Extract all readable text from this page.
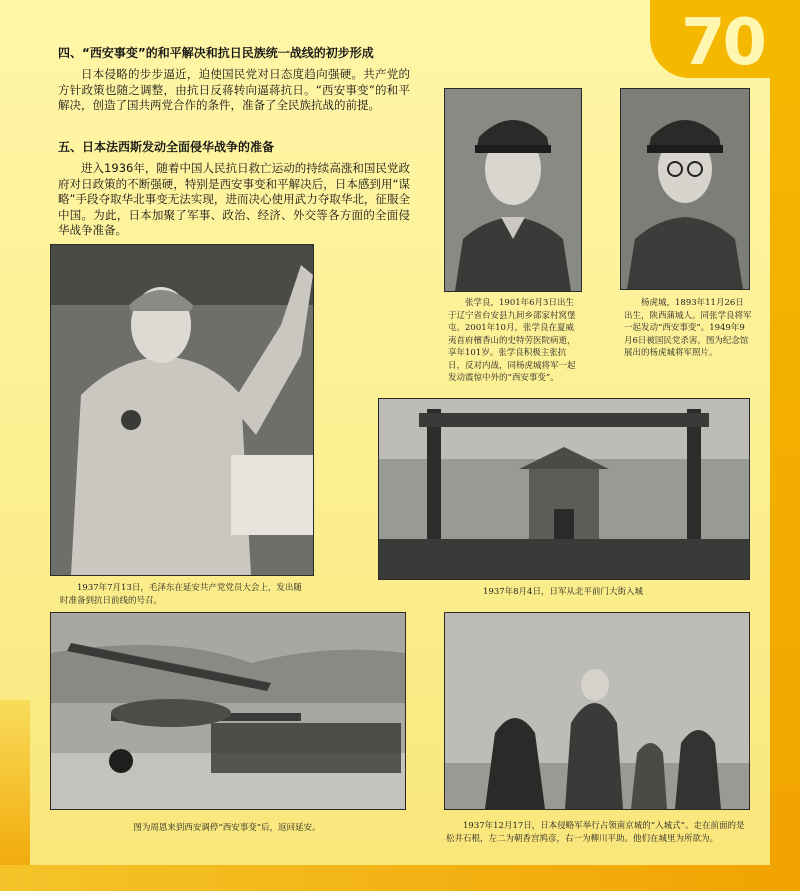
70
四、“西安事变”的和平解决和抗日民族统一战线的初步形成
日本侵略的步步逼近，迫使国民党对日态度趋向强硬。共产党的方针政策也随之调整，由抗日反蒋转向逼蒋抗日。“西安事变”的和平解决，创造了国共两党合作的条件，准备了全民族抗战的前提。
五、日本法西斯发动全面侵华战争的准备
进入1936年，随着中国人民抗日救亡运动的持续高涨和国民党政府对日政策的不断强硬，特别是西安事变和平解决后，日本感到用“谋略”手段夺取华北事变无法实现，进而决心使用武力夺取华北，征服全中国。为此，日本加聚了军事、政治、经济、外交等各方面的全面侵华战争准备。
张学良，1901年6月3日出生于辽宁省台安县九间乡邵家村窝堡屯。2001年10月，张学良在夏威夷首府檀香山的史特劳医院病逝，享年101岁。张学良积极主张抗日，反对内战，同杨虎城将军一起发动震惊中外的“西安事变”。
杨虎城，1893年11月26日出生，陕西蒲城人。同张学良将军一起发动“西安事变”。1949年9月6日被国民党杀害。图为纪念馆展出的杨虎城将军照片。
1937年7月13日，毛泽东在延安共产党党员大会上，发出随时准备到抗日前线的号召。
1937年8月4日，日军从北平前门大街入城
图为周恩来到西安调停“西安事变”后，返回延安。	1937年12月17日，日本侵略军举行占领南京城的“入城式”。走在前面的是松井石根，左二为朝香宫鸠彦，右一为柳川平助。他们在城里为所欲为。
